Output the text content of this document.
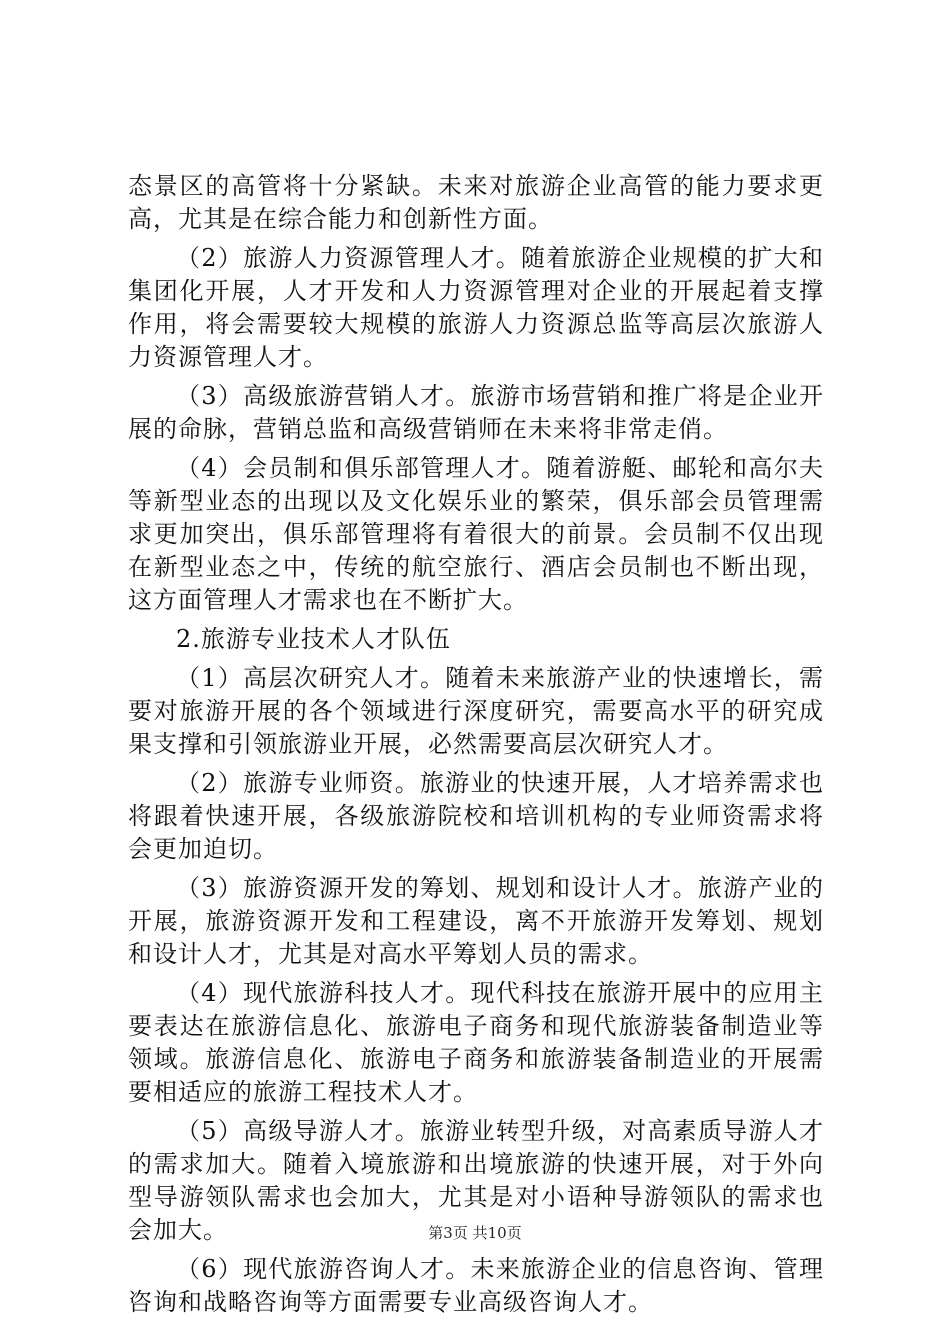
态景区的高管将十分紧缺。未来对旅游企业高管的能力要求更高，尤其是在综合能力和创新性方面。

（2）旅游人力资源管理人才。随着旅游企业规模的扩大和集团化开展，人才开发和人力资源管理对企业的开展起着支撑作用，将会需要较大规模的旅游人力资源总监等高层次旅游人力资源管理人才。

（3）高级旅游营销人才。旅游市场营销和推广将是企业开展的命脉，营销总监和高级营销师在未来将非常走俏。

（4）会员制和俱乐部管理人才。随着游艇、邮轮和高尔夫等新型业态的出现以及文化娱乐业的繁荣，俱乐部会员管理需求更加突出，俱乐部管理将有着很大的前景。会员制不仅出现在新型业态之中，传统的航空旅行、酒店会员制也不断出现，这方面管理人才需求也在不断扩大。

2.旅游专业技术人才队伍

（1）高层次研究人才。随着未来旅游产业的快速增长，需要对旅游开展的各个领域进行深度研究，需要高水平的研究成果支撑和引领旅游业开展，必然需要高层次研究人才。

（2）旅游专业师资。旅游业的快速开展，人才培养需求也将跟着快速开展，各级旅游院校和培训机构的专业师资需求将会更加迫切。

（3）旅游资源开发的筹划、规划和设计人才。旅游产业的开展，旅游资源开发和工程建设，离不开旅游开发筹划、规划和设计人才，尤其是对高水平筹划人员的需求。

（4）现代旅游科技人才。现代科技在旅游开展中的应用主要表达在旅游信息化、旅游电子商务和现代旅游装备制造业等领域。旅游信息化、旅游电子商务和旅游装备制造业的开展需要相适应的旅游工程技术人才。

（5）高级导游人才。旅游业转型升级，对高素质导游人才的需求加大。随着入境旅游和出境旅游的快速开展，对于外向型导游领队需求也会加大，尤其是对小语种导游领队的需求也会加大。

（6）现代旅游咨询人才。未来旅游企业的信息咨询、管理咨询和战略咨询等方面需要专业高级咨询人才。

第3页 共10页
